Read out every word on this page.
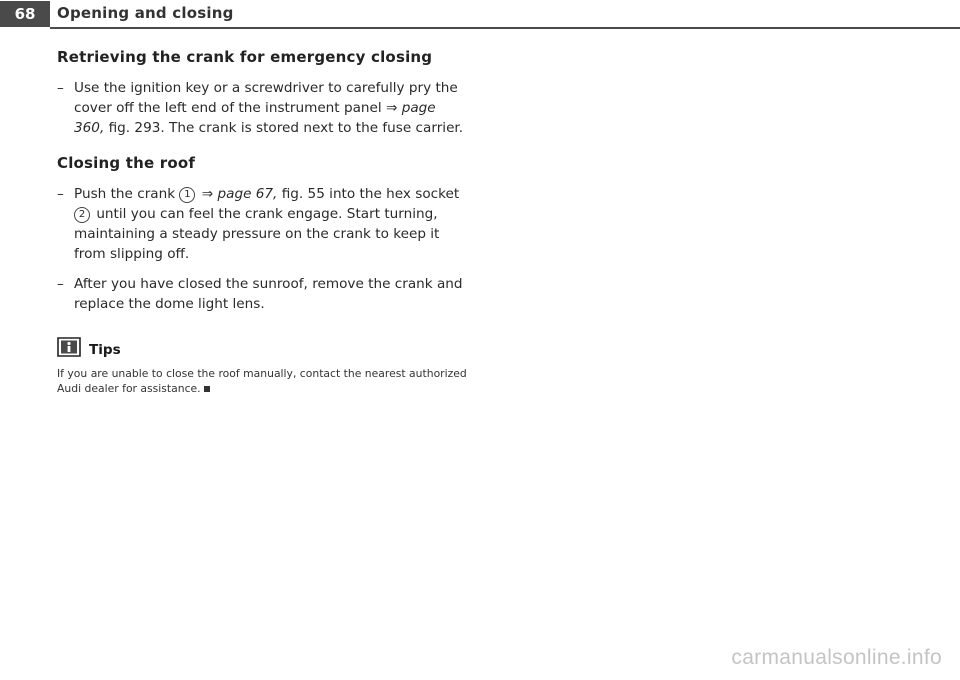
68	Opening and closing
Retrieving the crank for emergency closing
– Use the ignition key or a screwdriver to carefully pry the cover off the left end of the instrument panel ⇒ page 360, fig. 293. The crank is stored next to the fuse carrier.
Closing the roof
– Push the crank 1 ⇒ page 67, fig. 55 into the hex socket 2 until you can feel the crank engage. Start turning, maintaining a steady pressure on the crank to keep it from slipping off.
– After you have closed the sunroof, remove the crank and replace the dome light lens.
Tips
If you are unable to close the roof manually, contact the nearest authorized Audi dealer for assistance.
carmanualsonline.info
